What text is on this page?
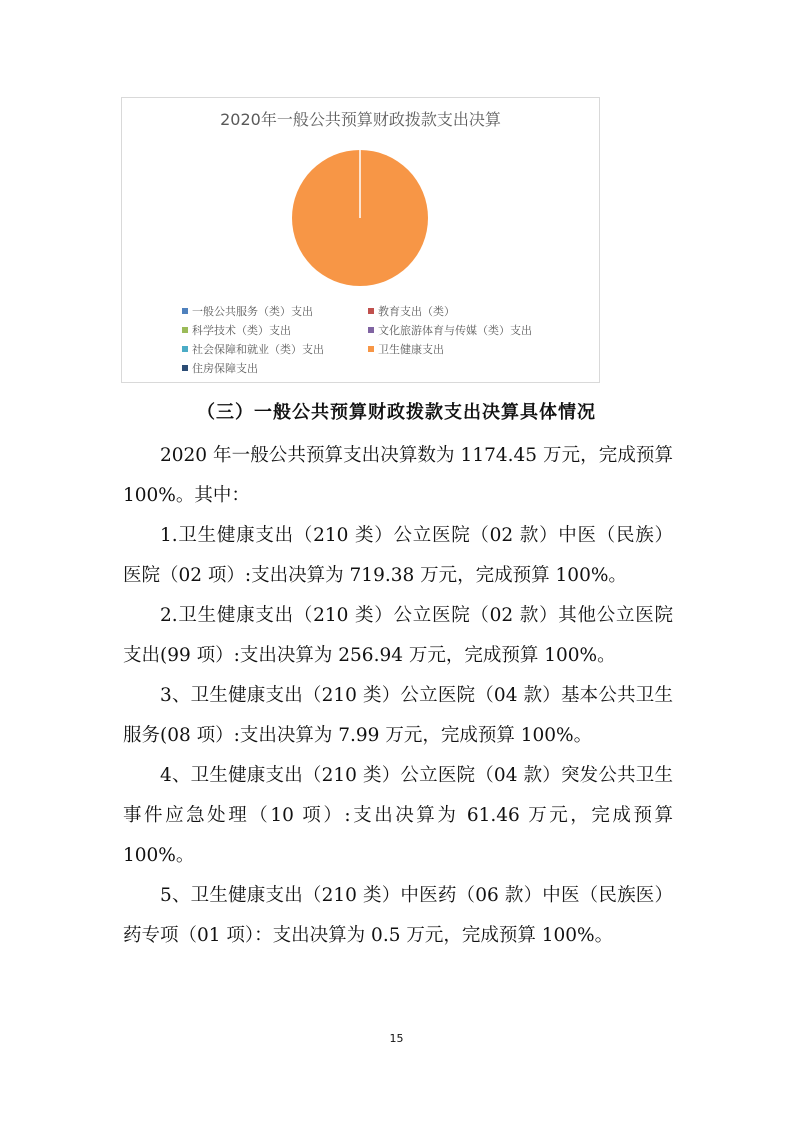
2020年一般公共预算财政拨款支出决算
一般公共服务（类）支出	教育支出（类）
科学技术（类）支出	文化旅游体育与传媒（类）支出
社会保障和就业（类）支出	卫生健康支出
住房保障支出
（三）一般公共预算财政拨款支出决算具体情况

2020 年一般公共预算支出决算数为 1174.45 万元，完成预算 100%。其中：

1.卫生健康支出（210 类）公立医院（02 款）中医（民族）医院（02 项）:支出决算为 719.38 万元，完成预算 100%。

2.卫生健康支出（210 类）公立医院（02 款）其他公立医院支出(99 项）:支出决算为 256.94 万元，完成预算 100%。

3、卫生健康支出（210 类）公立医院（04 款）基本公共卫生服务(08 项）:支出决算为 7.99 万元，完成预算 100%。

4、卫生健康支出（210 类）公立医院（04 款）突发公共卫生事件应急处理（10 项）:支出决算为 61.46 万元，完成预算 100%。

5、卫生健康支出（210 类）中医药（06 款）中医（民族医）药专项（01 项）：支出决算为 0.5 万元，完成预算 100%。

15
